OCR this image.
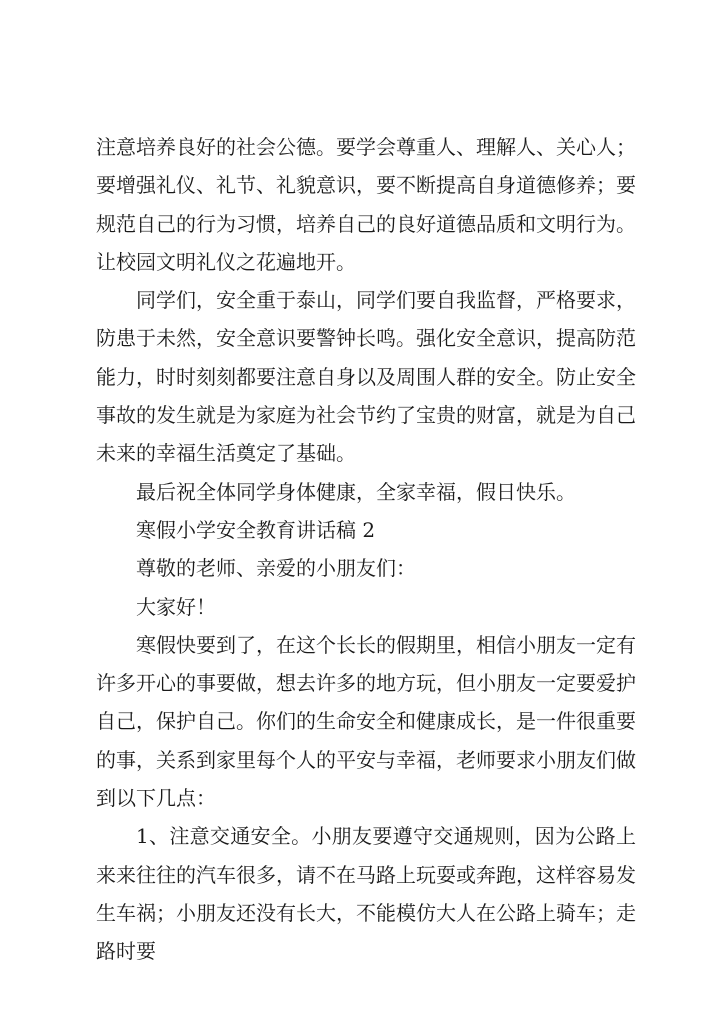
注意培养良好的社会公德。要学会尊重人、理解人、关心人；要增强礼仪、礼节、礼貌意识，要不断提高自身道德修养；要规范自己的行为习惯，培养自己的良好道德品质和文明行为。让校园文明礼仪之花遍地开。

同学们，安全重于泰山，同学们要自我监督，严格要求，防患于未然，安全意识要警钟长鸣。强化安全意识，提高防范能力，时时刻刻都要注意自身以及周围人群的安全。防止安全事故的发生就是为家庭为社会节约了宝贵的财富，就是为自己未来的幸福生活奠定了基础。

最后祝全体同学身体健康，全家幸福，假日快乐。

寒假小学安全教育讲话稿 2

尊敬的老师、亲爱的小朋友们：

大家好！

寒假快要到了，在这个长长的假期里，相信小朋友一定有许多开心的事要做，想去许多的地方玩，但小朋友一定要爱护自己，保护自己。你们的生命安全和健康成长，是一件很重要的事，关系到家里每个人的平安与幸福，老师要求小朋友们做到以下几点：

1、注意交通安全。小朋友要遵守交通规则，因为公路上来来往往的汽车很多，请不在马路上玩耍或奔跑，这样容易发生车祸；小朋友还没有长大，不能模仿大人在公路上骑车；走路时要
